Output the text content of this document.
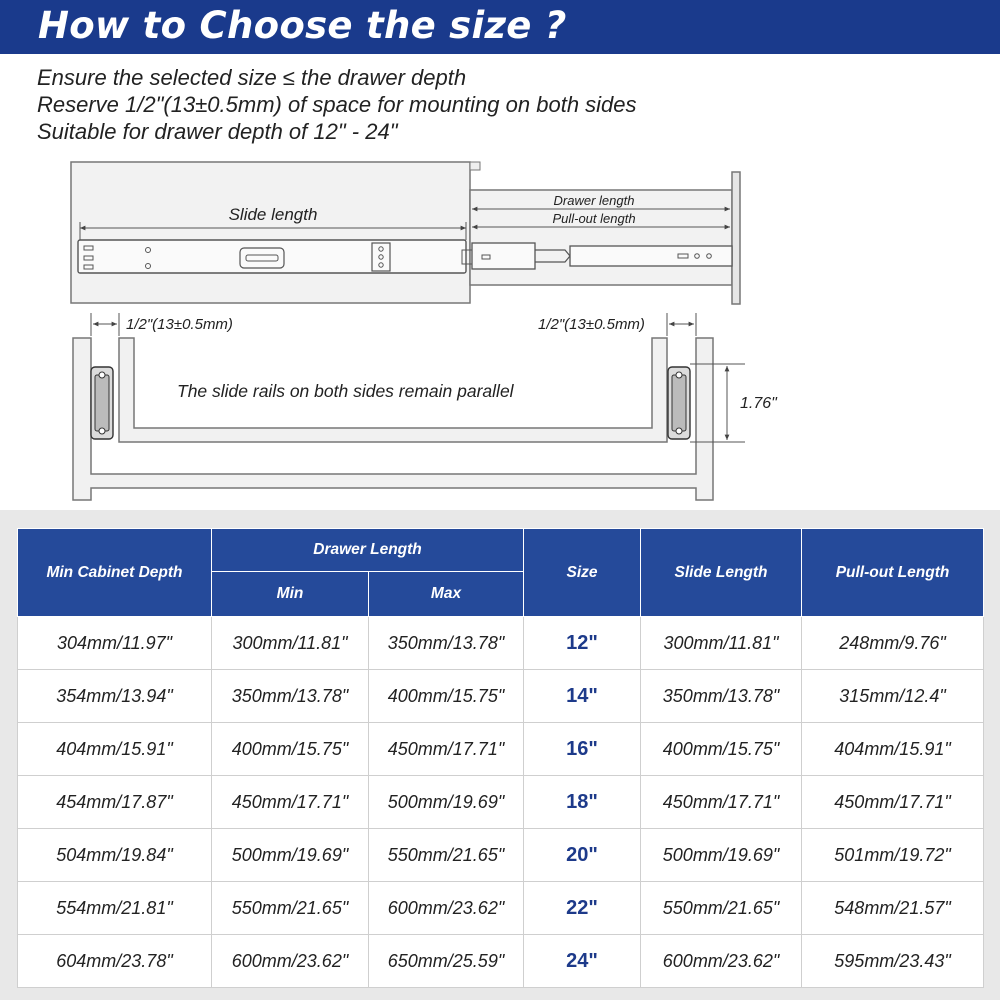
How to Choose the size ?
Ensure the selected size ≤ the drawer depth
Reserve 1/2"(13±0.5mm) of space for mounting on both sides
Suitable for drawer depth of 12" - 24"
Slide length
Drawer length
Pull-out length
1/2"(13±0.5mm)	1/2"(13±0.5mm)
The slide rails on both sides remain parallel
1.76"
Min Cabinet Depth	Drawer Length		Size	Slide Length	Pull-out Length
	Min	Max			
304mm/11.97"	300mm/11.81"	350mm/13.78"	12"	300mm/11.81"	248mm/9.76"
354mm/13.94"	350mm/13.78"	400mm/15.75"	14"	350mm/13.78"	315mm/12.4"
404mm/15.91"	400mm/15.75"	450mm/17.71"	16"	400mm/15.75"	404mm/15.91"
454mm/17.87"	450mm/17.71"	500mm/19.69"	18"	450mm/17.71"	450mm/17.71"
504mm/19.84"	500mm/19.69"	550mm/21.65"	20"	500mm/19.69"	501mm/19.72"
554mm/21.81"	550mm/21.65"	600mm/23.62"	22"	550mm/21.65"	548mm/21.57"
604mm/23.78"	600mm/23.62"	650mm/25.59"	24"	600mm/23.62"	595mm/23.43"
